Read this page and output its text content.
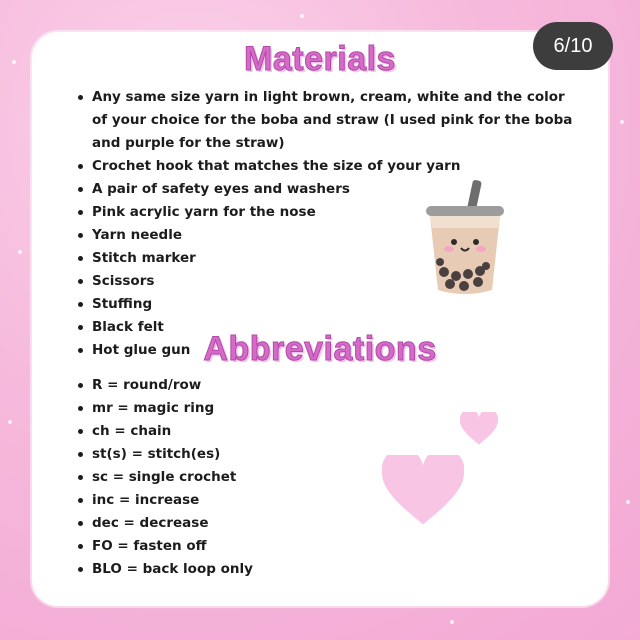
6/10
Materials
Any same size yarn in light brown, cream, white and the color of your choice for the boba and straw (I used pink for the boba and purple for the straw)
Crochet hook that matches the size of your yarn
A pair of safety eyes and washers
Pink acrylic yarn for the nose
Yarn needle
Stitch marker
Scissors
Stuffing
Black felt
Hot glue gun Abbreviations
R = round/row
mr = magic ring
ch = chain
st(s) = stitch(es)
sc = single crochet
inc = increase
dec = decrease
FO = fasten off
BLO = back loop only
